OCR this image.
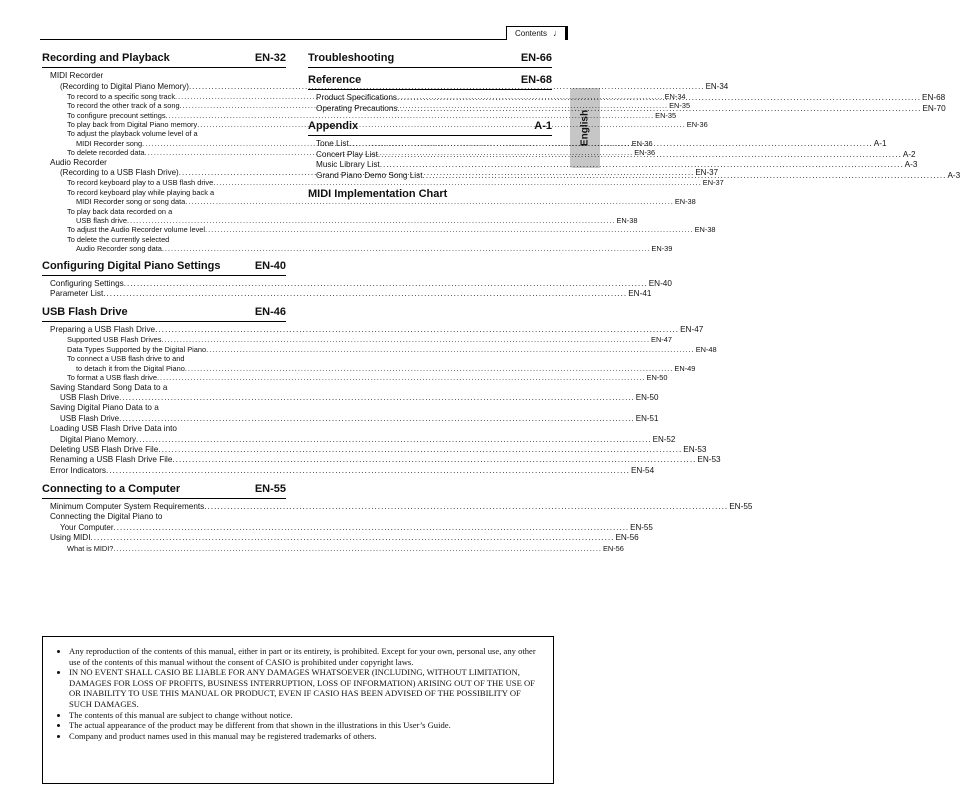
Contents ♩
English
Recording and Playback	EN-32
MIDI Recorder
(Recording to Digital Piano Memory) .....	EN-34
To record to a specific song track .....	EN-34
To record the other track of a song .....	EN-35
To configure precount settings .....	EN-35
To play back from Digital Piano memory .....	EN-36
To adjust the playback volume level of a
MIDI Recorder song .....	EN-36
To delete recorded data .....	EN-36
Audio Recorder
(Recording to a USB Flash Drive) .....	EN-37
To record keyboard play to a USB flash drive .....	EN-37
To record keyboard play while playing back a
MIDI Recorder song or song data .....	EN-38
To play back data recorded on a
USB flash drive .....	EN-38
To adjust the Audio Recorder volume level .....	EN-38
To delete the currently selected
Audio Recorder song data .....	EN-39
Configuring Digital Piano Settings	EN-40
Configuring Settings .....	EN-40
Parameter List .....	EN-41
USB Flash Drive	EN-46
Preparing a USB Flash Drive .....	EN-47
Supported USB Flash Drives .....	EN-47
Data Types Supported by the Digital Piano .....	EN-48
To connect a USB flash drive to and
to detach it from the Digital Piano .....	EN-49
To format a USB flash drive .....	EN-50
Saving Standard Song Data to a
USB Flash Drive .....	EN-50
Saving Digital Piano Data to a
USB Flash Drive .....	EN-51
Loading USB Flash Drive Data into
Digital Piano Memory .....	EN-52
Deleting USB Flash Drive File .....	EN-53
Renaming a USB Flash Drive File .....	EN-53
Error Indicators .....	EN-54
Connecting to a Computer	EN-55
Minimum Computer System Requirements .....	EN-55
Connecting the Digital Piano to
Your Computer .....	EN-55
Using MIDI .....	EN-56
What is MIDI? .....	EN-56
Troubleshooting	EN-66
Reference	EN-68
Product Specifications .....	EN-68
Operating Precautions .....	EN-70
Appendix	A-1
Tone List .....	A-1
Concert Play List .....	A-2
Music Library List .....	A-3
Grand Piano Demo Song List .....	A-3
MIDI Implementation Chart
• Any reproduction of the contents of this manual, either in part or its entirety, is prohibited. Except for your own, personal use, any other use of the contents of this manual without the consent of CASIO is prohibited under copyright laws.
• IN NO EVENT SHALL CASIO BE LIABLE FOR ANY DAMAGES WHATSOEVER (INCLUDING, WITHOUT LIMITATION, DAMAGES FOR LOSS OF PROFITS, BUSINESS INTERRUPTION, LOSS OF INFORMATION) ARISING OUT OF THE USE OF OR INABILITY TO USE THIS MANUAL OR PRODUCT, EVEN IF CASIO HAS BEEN ADVISED OF THE POSSIBILITY OF SUCH DAMAGES.
• The contents of this manual are subject to change without notice.
• The actual appearance of the product may be different from that shown in the illustrations in this User’s Guide.
• Company and product names used in this manual may be registered trademarks of others.
